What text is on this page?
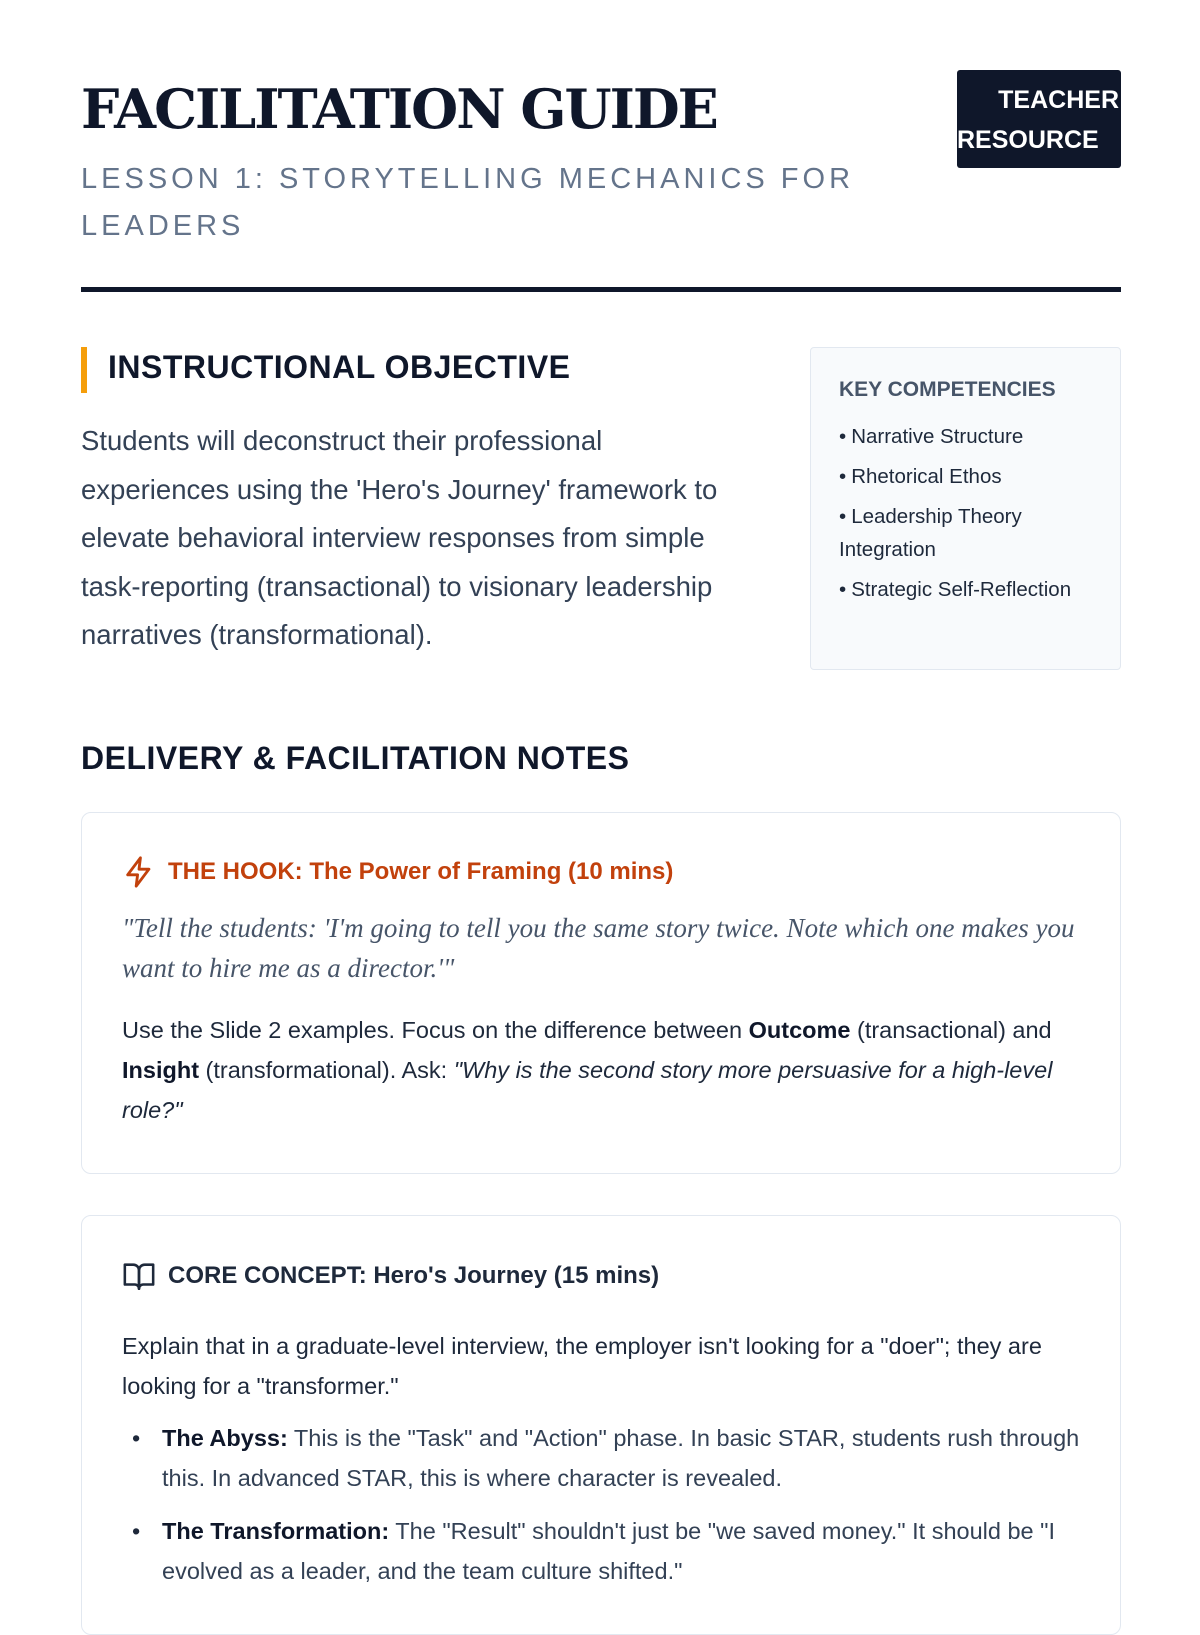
FACILITATION GUIDE
LESSON 1: STORYTELLING MECHANICS FOR LEADERS
TEACHER
RESOURCE
INSTRUCTIONAL OBJECTIVE

Students will deconstruct their professional experiences using the 'Hero's Journey' framework to elevate behavioral interview responses from simple task-reporting (transactional) to visionary leadership narratives (transformational).

KEY COMPETENCIES
• Narrative Structure
• Rhetorical Ethos
• Leadership Theory Integration
• Strategic Self-Reflection
DELIVERY & FACILITATION NOTES
THE HOOK: The Power of Framing (10 mins)

"Tell the students: 'I'm going to tell you the same story twice. Note which one makes you want to hire me as a director.'"

Use the Slide 2 examples. Focus on the difference between Outcome (transactional) and Insight (transformational). Ask: "Why is the second story more persuasive for a high-level role?"

CORE CONCEPT: Hero's Journey (15 mins)

Explain that in a graduate-level interview, the employer isn't looking for a "doer"; they are looking for a "transformer."

• The Abyss: This is the "Task" and "Action" phase. In basic STAR, students rush through this. In advanced STAR, this is where character is revealed.
• The Transformation: The "Result" shouldn't just be "we saved money." It should be "I evolved as a leader, and the team culture shifted."
